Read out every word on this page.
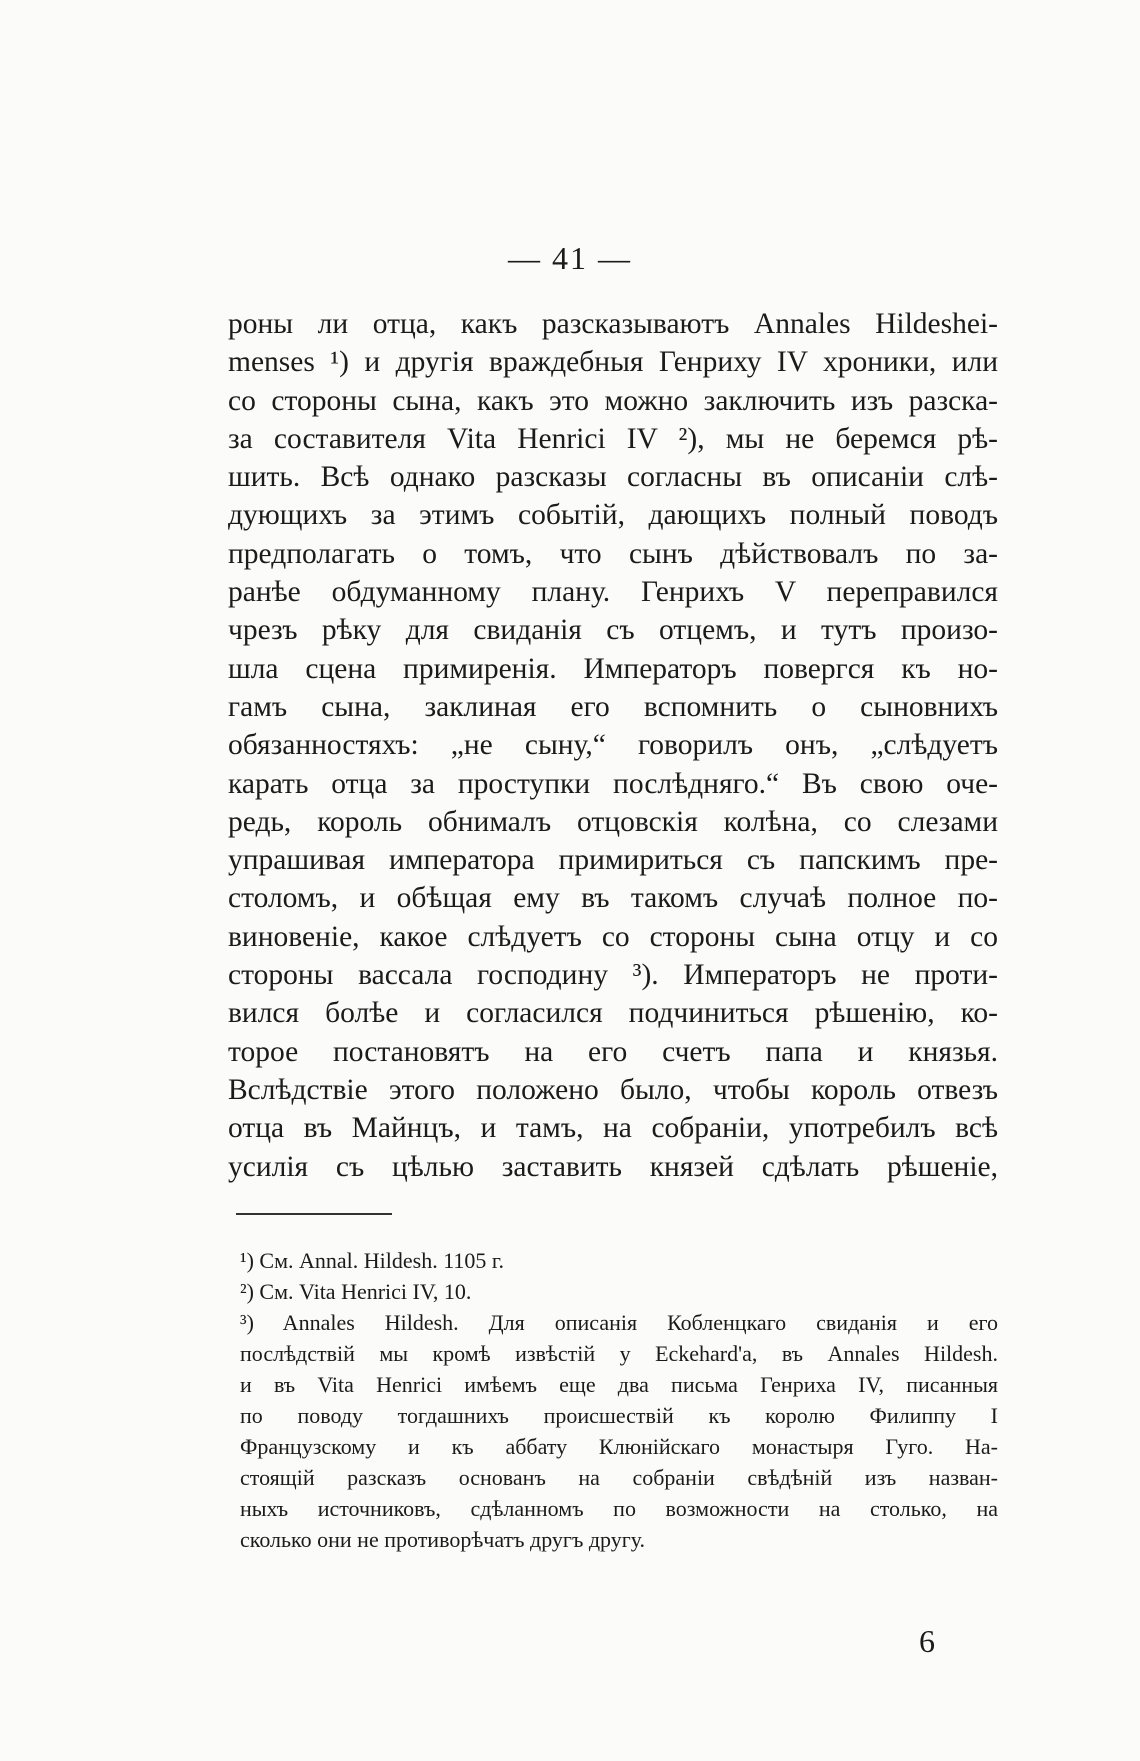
— 41 —
роны ли отца, какъ разсказываютъ Annales Hildeshei-
menses ¹) и другія враждебныя Генриху IV хроники, или
со стороны сына, какъ это можно заключить изъ разска-
за составителя Vita Henrici IV ²), мы не беремся рѣ-
шить. Всѣ однако разсказы согласны въ описаніи слѣ-
дующихъ за этимъ событій, дающихъ полный поводъ
предполагать о томъ, что сынъ дѣйствовалъ по за-
ранѣе обдуманному плану. Генрихъ V переправился
чрезъ рѣку для свиданія съ отцемъ, и тутъ произо-
шла сцена примиренія. Императоръ повергся къ но-
гамъ сына, заклиная его вспомнить о сыновнихъ
обязанностяхъ: „не сыну,“ говорилъ онъ, „слѣдуетъ
карать отца за проступки послѣдняго.“ Въ свою оче-
редь, король обнималъ отцовскія колѣна, со слезами
упрашивая императора примириться съ папскимъ пре-
столомъ, и обѣщая ему въ такомъ случаѣ полное по-
виновеніе, какое слѣдуетъ со стороны сына отцу и со
стороны вассала господину ³). Императоръ не проти-
вился болѣе и согласился подчиниться рѣшенію, ко-
торое постановятъ на его счетъ папа и князья.
Вслѣдствіе этого положено было, чтобы король отвезъ
отца въ Майнцъ, и тамъ, на собраніи, употребилъ всѣ
усилія съ цѣлью заставить князей сдѣлать рѣшеніе,
¹) См. Annal. Hildesh. 1105 г.
²) См. Vita Henrici IV, 10.
³) Annales Hildesh. Для описанія Кобленцкаго свиданія и его
послѣдствій мы кромѣ извѣстій у Eckehard'а, въ Annales Hildesh.
и въ Vita Henrici имѣемъ еще два письма Генриха IV, писанныя
по поводу тогдашнихъ происшествій къ королю Филиппу I
Французскому и къ аббату Клюнійскаго монастыря Гуго. На-
стоящій разсказъ основанъ на собраніи свѣдѣній изъ назван-
ныхъ источниковъ, сдѣланномъ по возможности на столько, на
сколько они не противорѣчатъ другъ другу.
6
